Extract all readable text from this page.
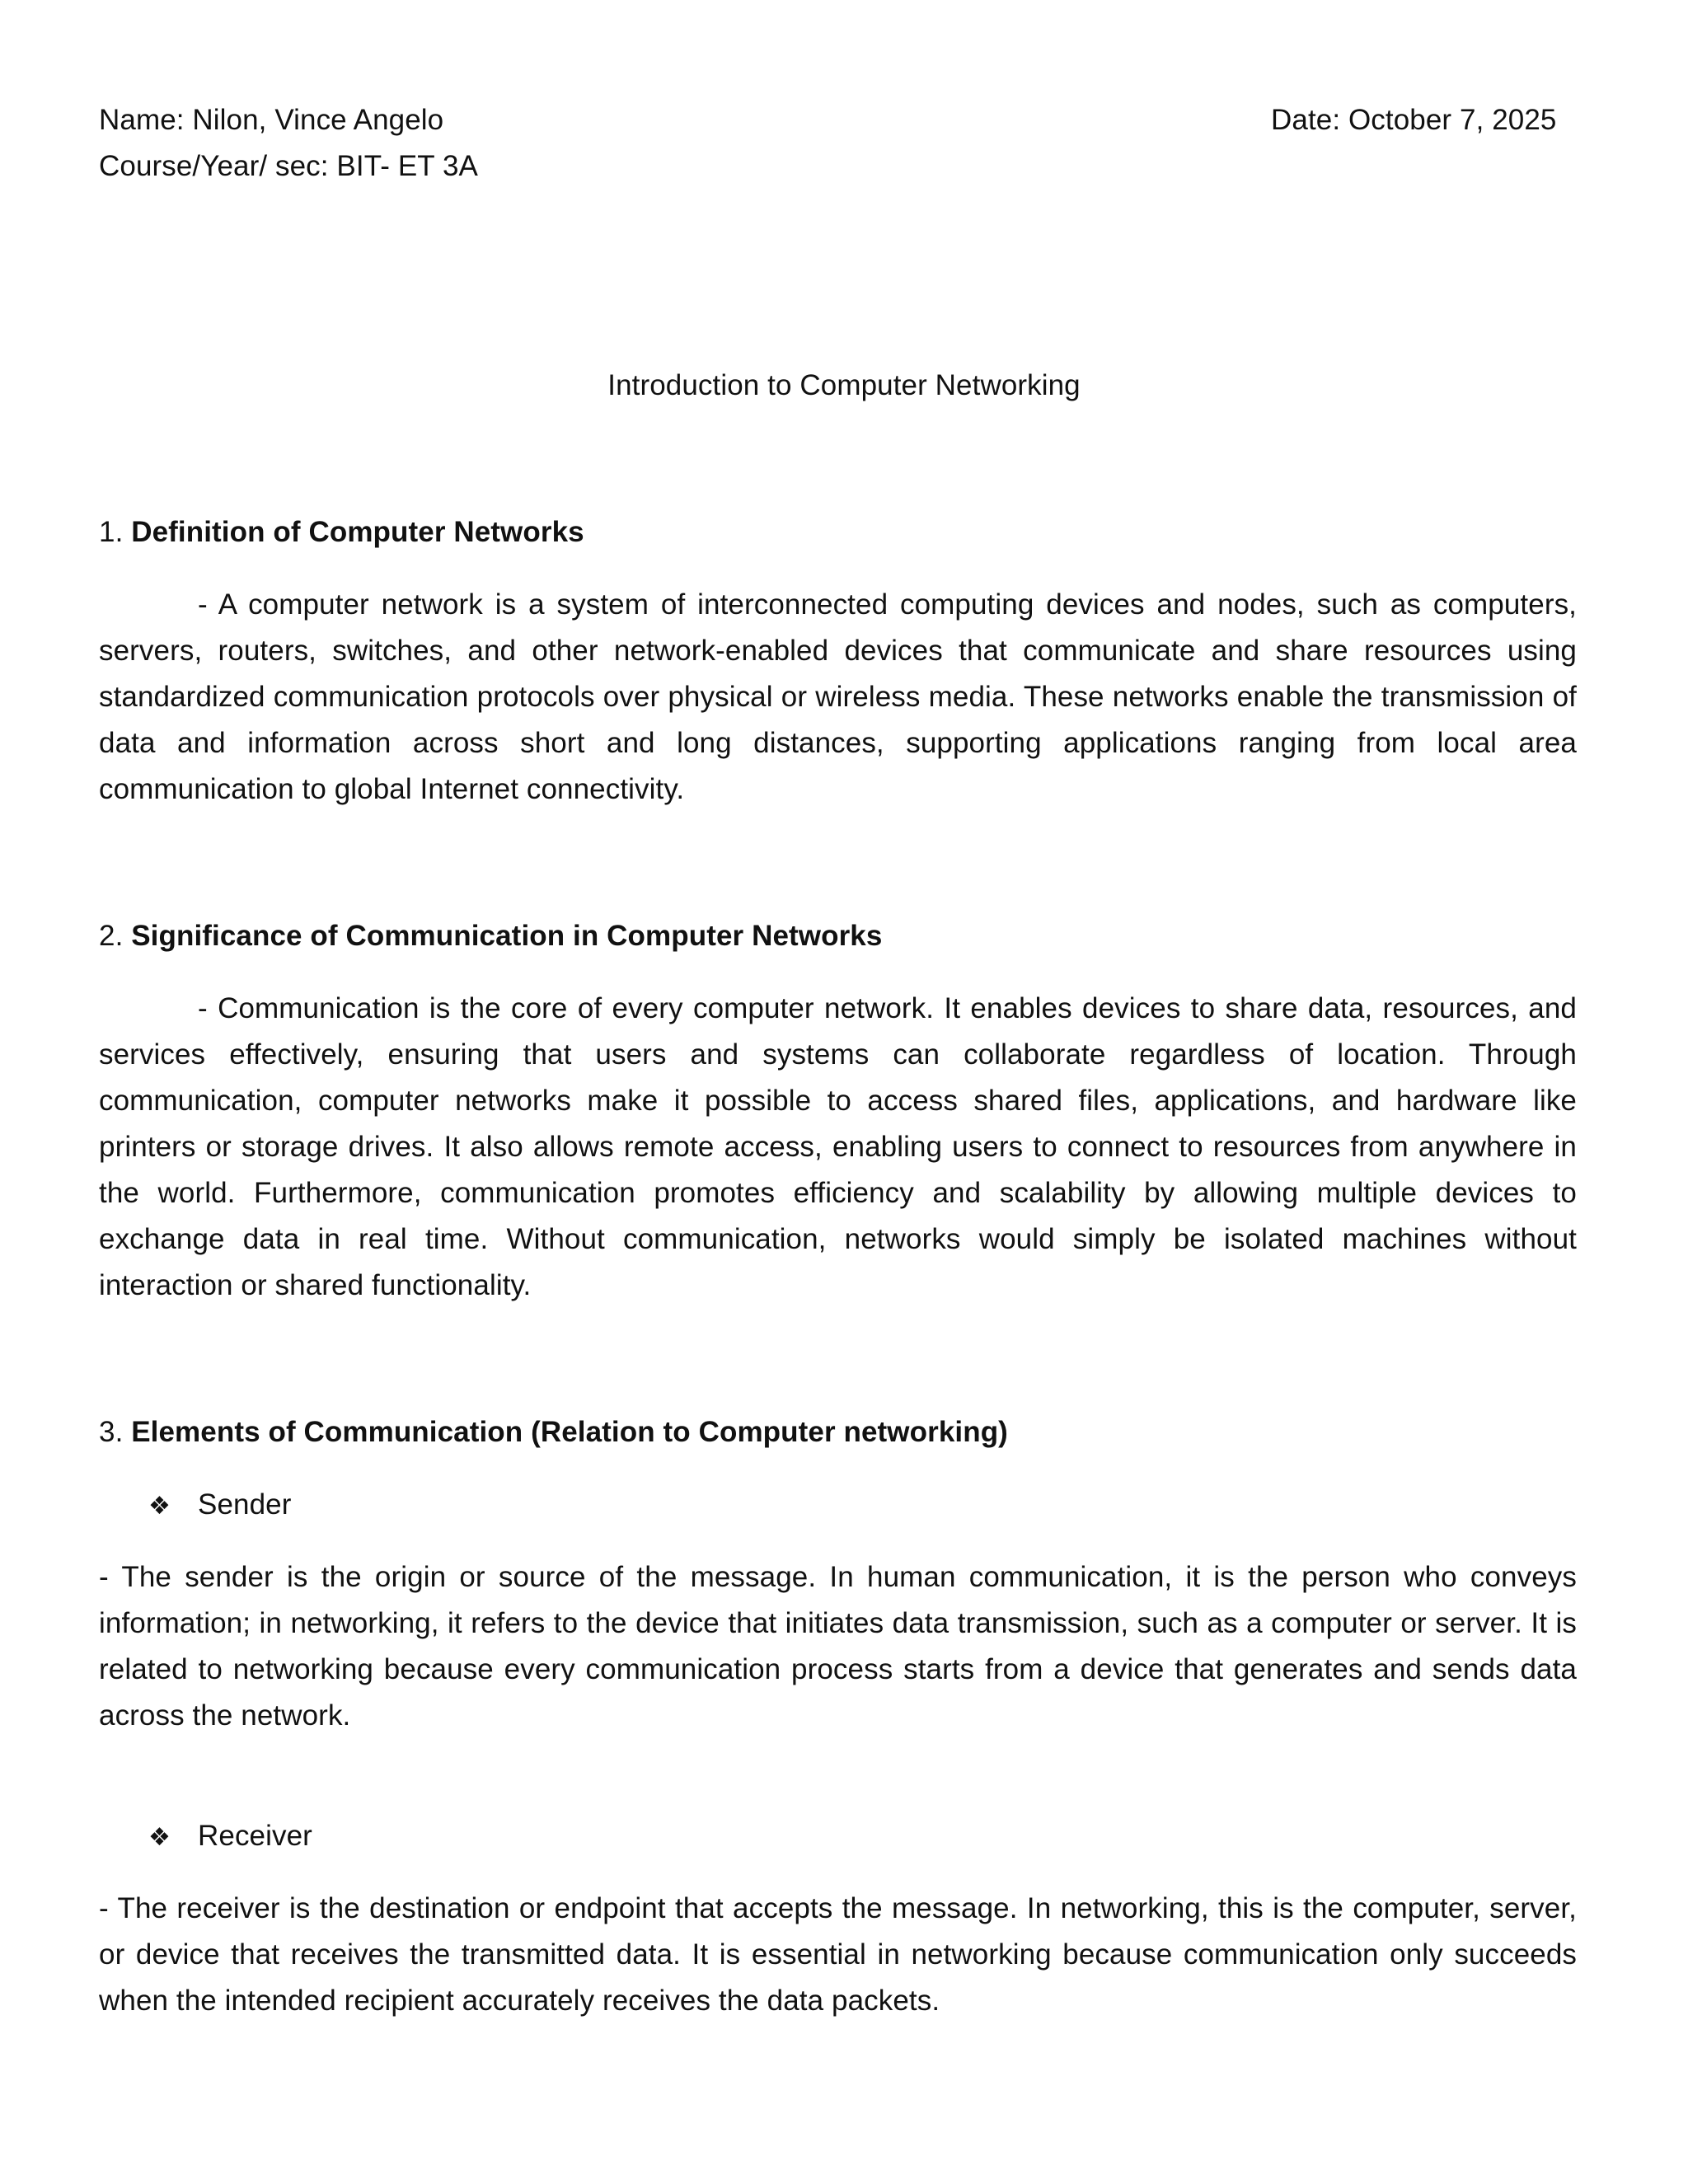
Name: Nilon, Vince Angelo
Course/Year/ sec: BIT- ET 3A
Date: October 7, 2025
Introduction to Computer Networking
1. Definition of Computer Networks

- A computer network is a system of interconnected computing devices and nodes, such as computers, servers, routers, switches, and other network-enabled devices that communicate and share resources using standardized communication protocols over physical or wireless media. These networks enable the transmission of data and information across short and long distances, supporting applications ranging from local area communication to global Internet connectivity.

2. Significance of Communication in Computer Networks

- Communication is the core of every computer network. It enables devices to share data, resources, and services effectively, ensuring that users and systems can collaborate regardless of location. Through communication, computer networks make it possible to access shared files, applications, and hardware like printers or storage drives. It also allows remote access, enabling users to connect to resources from anywhere in the world. Furthermore, communication promotes efficiency and scalability by allowing multiple devices to exchange data in real time. Without communication, networks would simply be isolated machines without interaction or shared functionality.

3. Elements of Communication (Relation to Computer networking)
❖ Sender

- The sender is the origin or source of the message. In human communication, it is the person who conveys information; in networking, it refers to the device that initiates data transmission, such as a computer or server. It is related to networking because every communication process starts from a device that generates and sends data across the network.

❖ Receiver

- The receiver is the destination or endpoint that accepts the message. In networking, this is the computer, server, or device that receives the transmitted data. It is essential in networking because communication only succeeds when the intended recipient accurately receives the data packets.
